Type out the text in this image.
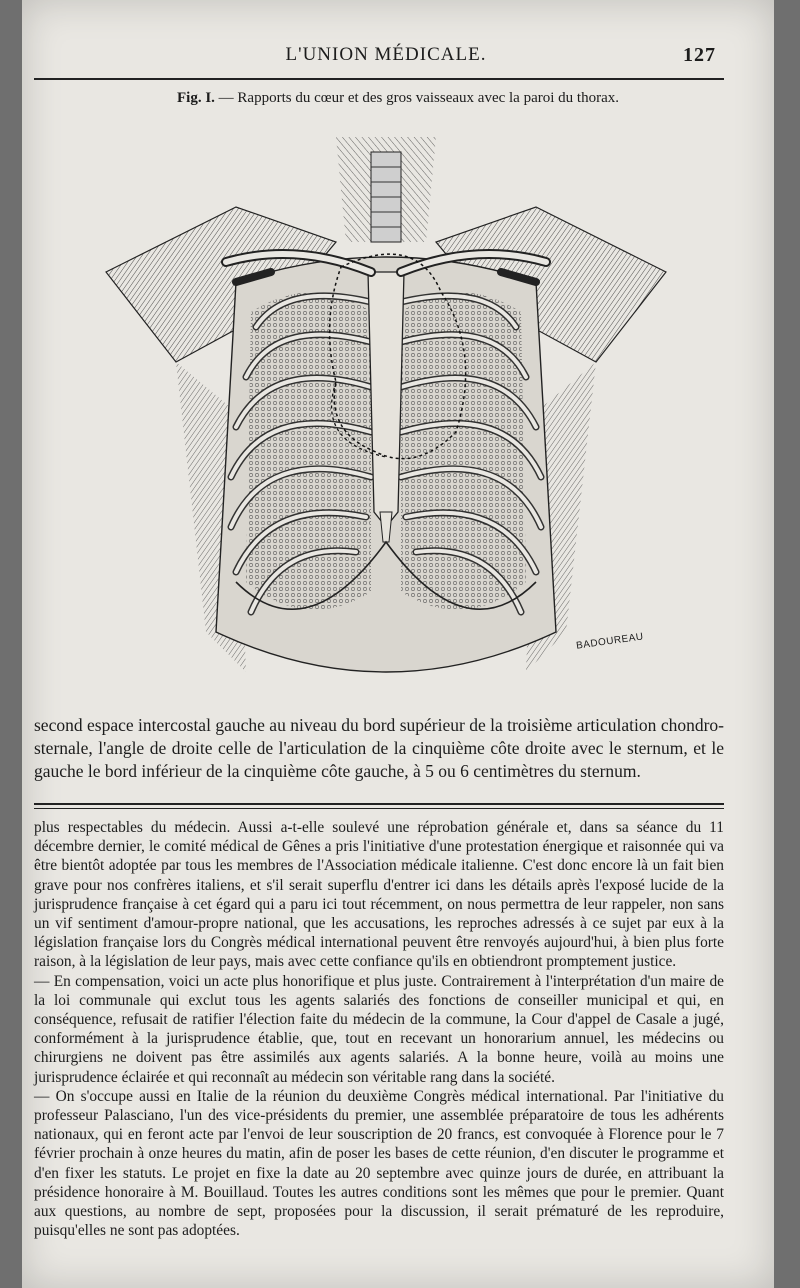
L'UNION MÉDICALE.	127
Fig. I. — Rapports du cœur et des gros vaisseaux avec la paroi du thorax.
BADOUREAU
second espace intercostal gauche au niveau du bord supérieur de la troisième articulation chondro-sternale, l'angle de droite celle de l'articulation de la cinquième côte droite avec le sternum, et le gauche le bord inférieur de la cinquième côte gauche, à 5 ou 6 centimètres du sternum.

plus respectables du médecin. Aussi a-t-elle soulevé une réprobation générale et, dans sa séance du 11 décembre dernier, le comité médical de Gênes a pris l'initiative d'une protestation énergique et raisonnée qui va être bientôt adoptée par tous les membres de l'Association médicale italienne. C'est donc encore là un fait bien grave pour nos confrères italiens, et s'il serait superflu d'entrer ici dans les détails après l'exposé lucide de la jurisprudence française à cet égard qui a paru ici tout récemment, on nous permettra de leur rappeler, non sans un vif sentiment d'amour-propre national, que les accusations, les reproches adressés à ce sujet par eux à la législation française lors du Congrès médical international peuvent être renvoyés aujourd'hui, à bien plus forte raison, à la législation de leur pays, mais avec cette confiance qu'ils en obtiendront promptement justice.

— En compensation, voici un acte plus honorifique et plus juste. Contrairement à l'interprétation d'un maire de la loi communale qui exclut tous les agents salariés des fonctions de conseiller municipal et qui, en conséquence, refusait de ratifier l'élection faite du médecin de la commune, la Cour d'appel de Casale a jugé, conformément à la jurisprudence établie, que, tout en recevant un honorarium annuel, les médecins ou chirurgiens ne doivent pas être assimilés aux agents salariés. A la bonne heure, voilà au moins une jurisprudence éclairée et qui reconnaît au médecin son véritable rang dans la société.

— On s'occupe aussi en Italie de la réunion du deuxième Congrès médical international. Par l'initiative du professeur Palasciano, l'un des vice-présidents du premier, une assemblée préparatoire de tous les adhérents nationaux, qui en feront acte par l'envoi de leur souscription de 20 francs, est convoquée à Florence pour le 7 février prochain à onze heures du matin, afin de poser les bases de cette réunion, d'en discuter le programme et d'en fixer les statuts. Le projet en fixe la date au 20 septembre avec quinze jours de durée, en attribuant la présidence honoraire à M. Bouillaud. Toutes les autres conditions sont les mêmes que pour le premier. Quant aux questions, au nombre de sept, proposées pour la discussion, il serait prématuré de les reproduire, puisqu'elles ne sont pas adoptées.
